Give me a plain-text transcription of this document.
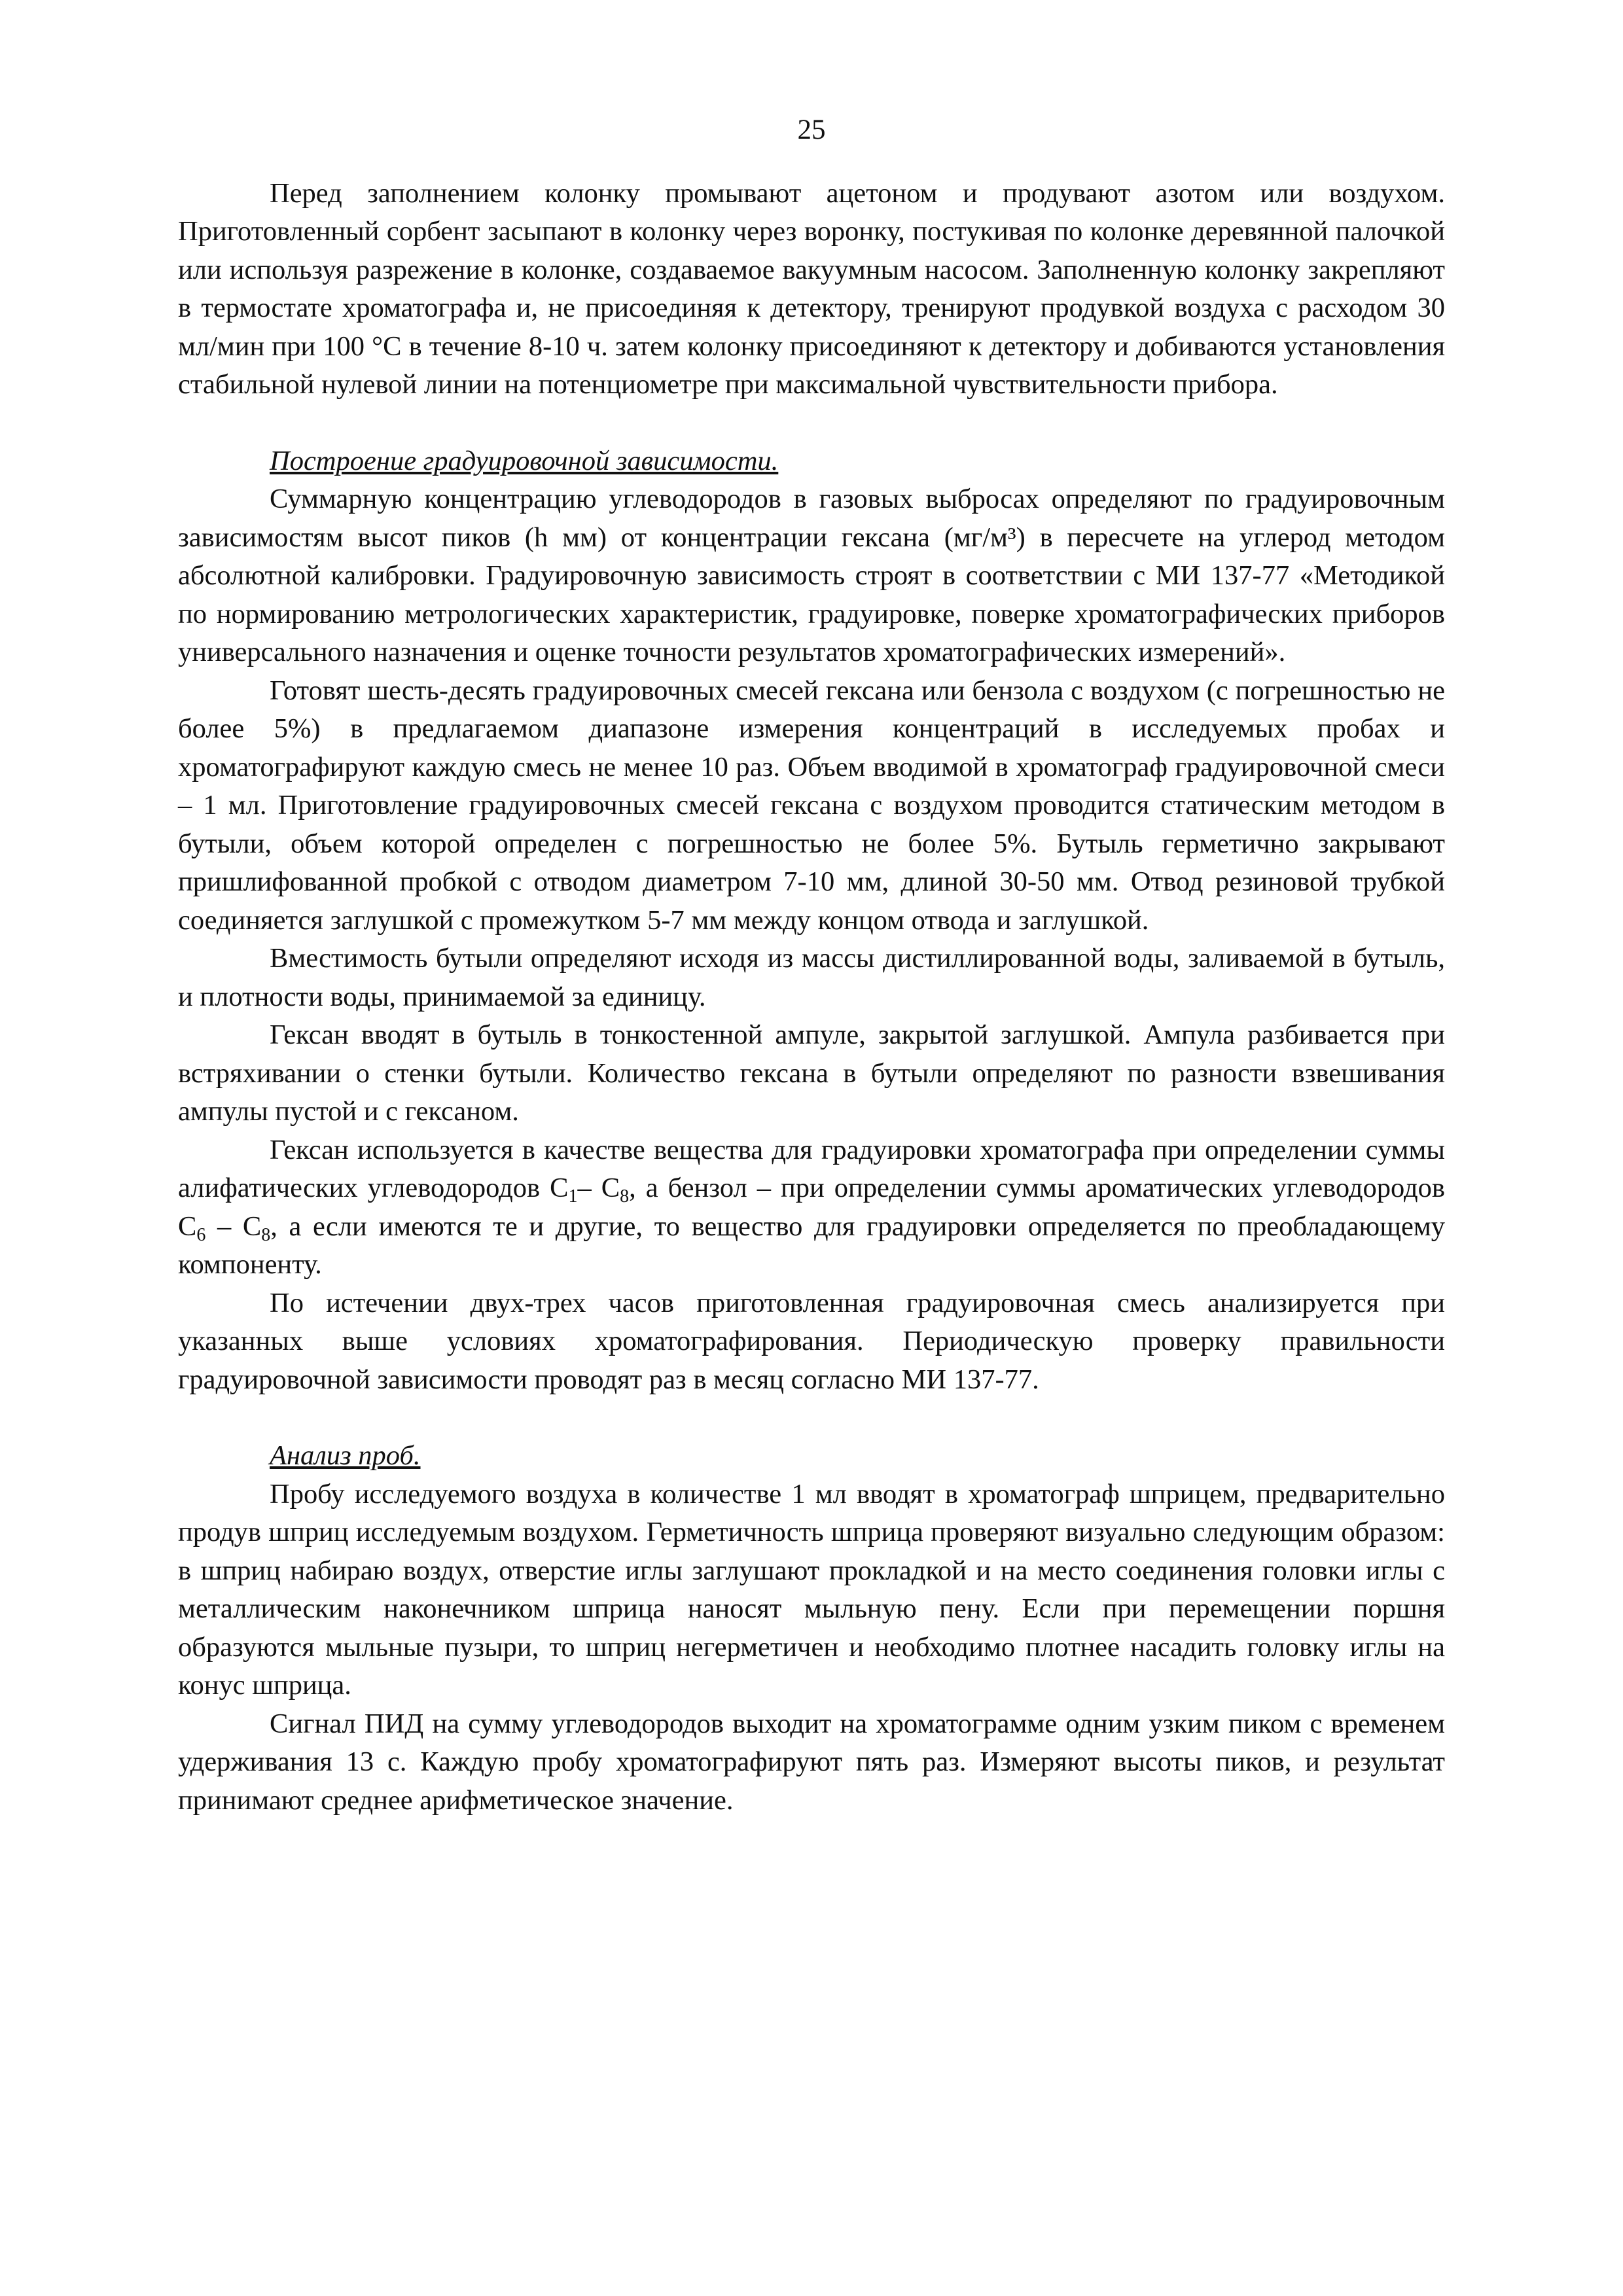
25

Перед заполнением колонку промывают ацетоном и продувают азотом или воздухом. Приготовленный сорбент засыпают в колонку через воронку, постукивая по колонке деревянной палочкой или используя разрежение в колонке, создаваемое вакуумным насосом. Заполненную колонку закрепляют в термостате хроматографа и, не присоединяя к детектору, тренируют продувкой воздуха с расходом 30 мл/мин при 100 °С в течение 8-10 ч. затем колонку присоединяют к детектору и добиваются установления стабильной нулевой линии на потенциометре при максимальной чувствительности прибора.

Построение градуировочной зависимости.

Суммарную концентрацию углеводородов в газовых выбросах определяют по градуировочным зависимостям высот пиков (h мм) от концентрации гексана (мг/м³) в пересчете на углерод методом абсолютной калибровки. Градуировочную зависимость строят в соответствии с МИ 137-77 «Методикой по нормированию метрологических характеристик, градуировке, поверке хроматографических приборов универсального назначения и оценке точности результатов хроматографических измерений».

Готовят шесть-десять градуировочных смесей гексана или бензола с воздухом (с погрешностью не более 5%) в предлагаемом диапазоне измерения концентраций в исследуемых пробах и хроматографируют каждую смесь не менее 10 раз. Объем вводимой в хроматограф градуировочной смеси – 1 мл. Приготовление градуировочных смесей гексана с воздухом проводится статическим методом в бутыли, объем которой определен с погрешностью не более 5%. Бутыль герметично закрывают пришлифованной пробкой с отводом диаметром 7-10 мм, длиной 30-50 мм. Отвод резиновой трубкой соединяется заглушкой с промежутком 5-7 мм между концом отвода и заглушкой.

Вместимость бутыли определяют исходя из массы дистиллированной воды, заливаемой в бутыль, и плотности воды, принимаемой за единицу.

Гексан вводят в бутыль в тонкостенной ампуле, закрытой заглушкой. Ампула разбивается при встряхивании о стенки бутыли. Количество гексана в бутыли определяют по разности взвешивания ампулы пустой и с гексаном.

Гексан используется в качестве вещества для градуировки хроматографа при определении суммы алифатических углеводородов $С_1-$ $С_8$, а бензол – при определении суммы ароматических углеводородов $С_6 - С_8$, а если имеются те и другие, то вещество для градуировки определяется по преобладающему компоненту.

По истечении двух-трех часов приготовленная градуировочная смесь анализируется при указанных выше условиях хроматографирования. Периодическую проверку правильности градуировочной зависимости проводят раз в месяц согласно МИ 137-77.

Анализ проб.

Пробу исследуемого воздуха в количестве 1 мл вводят в хроматограф шприцем, предварительно продув шприц исследуемым воздухом. Герметичность шприца проверяют визуально следующим образом: в шприц набираю воздух, отверстие иглы заглушают прокладкой и на место соединения головки иглы с металлическим наконечником шприца наносят мыльную пену. Если при перемещении поршня образуются мыльные пузыри, то шприц негерметичен и необходимо плотнее насадить головку иглы на конус шприца.

Сигнал ПИД на сумму углеводородов выходит на хроматограмме одним узким пиком с временем удерживания 13 с. Каждую пробу хроматографируют пять раз. Измеряют высоты пиков, и результат принимают среднее арифметическое значение.
